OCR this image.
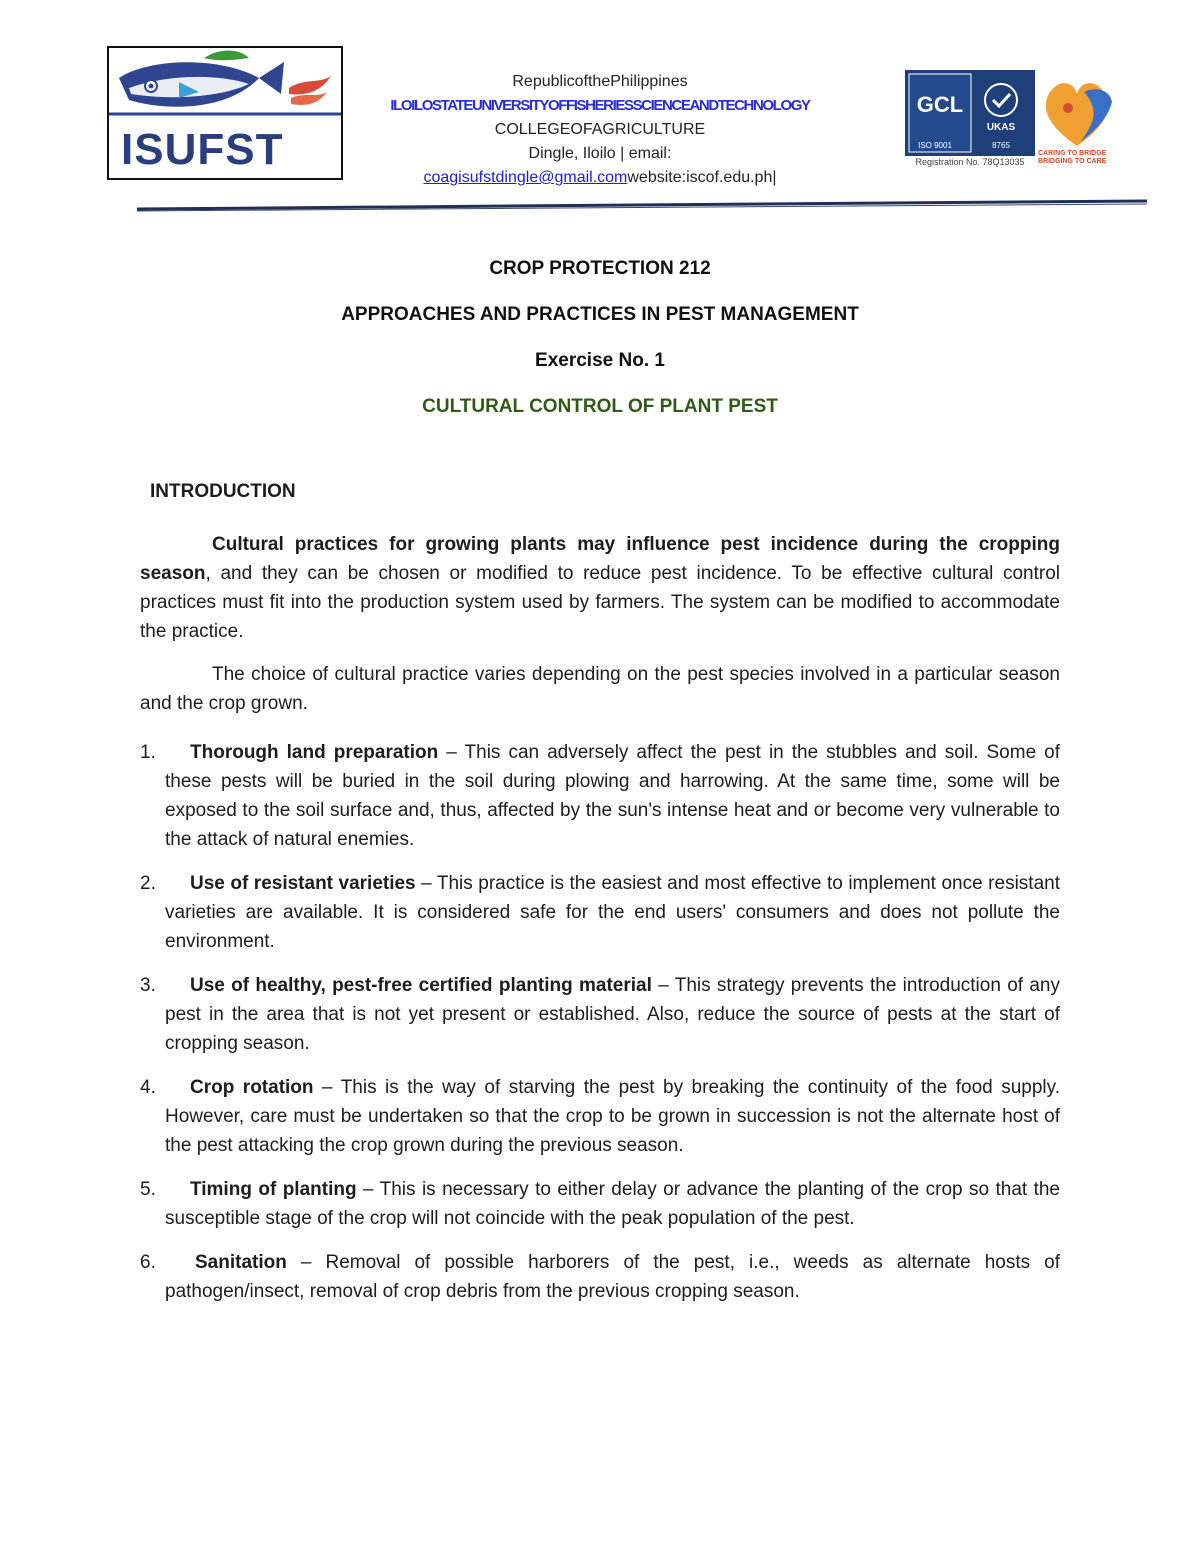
ISUFST
RepublicofthePhilippines
ILOILOSTATEUNIVERSITYOFFISHERIESSCIENCEANDTECHNOLOGY
COLLEGEOFAGRICULTURE
Dingle, Iloilo | email:
coagisufstdingle@gmail.comwebsite:iscof.edu.ph|
GCL
UKAS
ISO 9001	8765
Registration No. 78Q13035
CARING TO BRIDGE BRIDGING TO CARE
CROP PROTECTION 212
APPROACHES AND PRACTICES IN PEST MANAGEMENT
Exercise No. 1
CULTURAL CONTROL OF PLANT PEST
INTRODUCTION

Cultural practices for growing plants may influence pest incidence during the cropping season, and they can be chosen or modified to reduce pest incidence. To be effective cultural control practices must fit into the production system used by farmers. The system can be modified to accommodate the practice.

The choice of cultural practice varies depending on the pest species involved in a particular season and the crop grown.

1.	Thorough land preparation – This can adversely affect the pest in the stubbles and soil. Some of these pests will be buried in the soil during plowing and harrowing. At the same time, some will be exposed to the soil surface and, thus, affected by the sun's intense heat and or become very vulnerable to the attack of natural enemies.
2.	Use of resistant varieties – This practice is the easiest and most effective to implement once resistant varieties are available. It is considered safe for the end users' consumers and does not pollute the environment.
3.	Use of healthy, pest-free certified planting material – This strategy prevents the introduction of any pest in the area that is not yet present or established. Also, reduce the source of pests at the start of cropping season.
4.	Crop rotation – This is the way of starving the pest by breaking the continuity of the food supply. However, care must be undertaken so that the crop to be grown in succession is not the alternate host of the pest attacking the crop grown during the previous season.
5.	Timing of planting – This is necessary to either delay or advance the planting of the crop so that the susceptible stage of the crop will not coincide with the peak population of the pest.
6.	Sanitation – Removal of possible harborers of the pest, i.e., weeds as alternate hosts of pathogen/insect, removal of crop debris from the previous cropping season.
